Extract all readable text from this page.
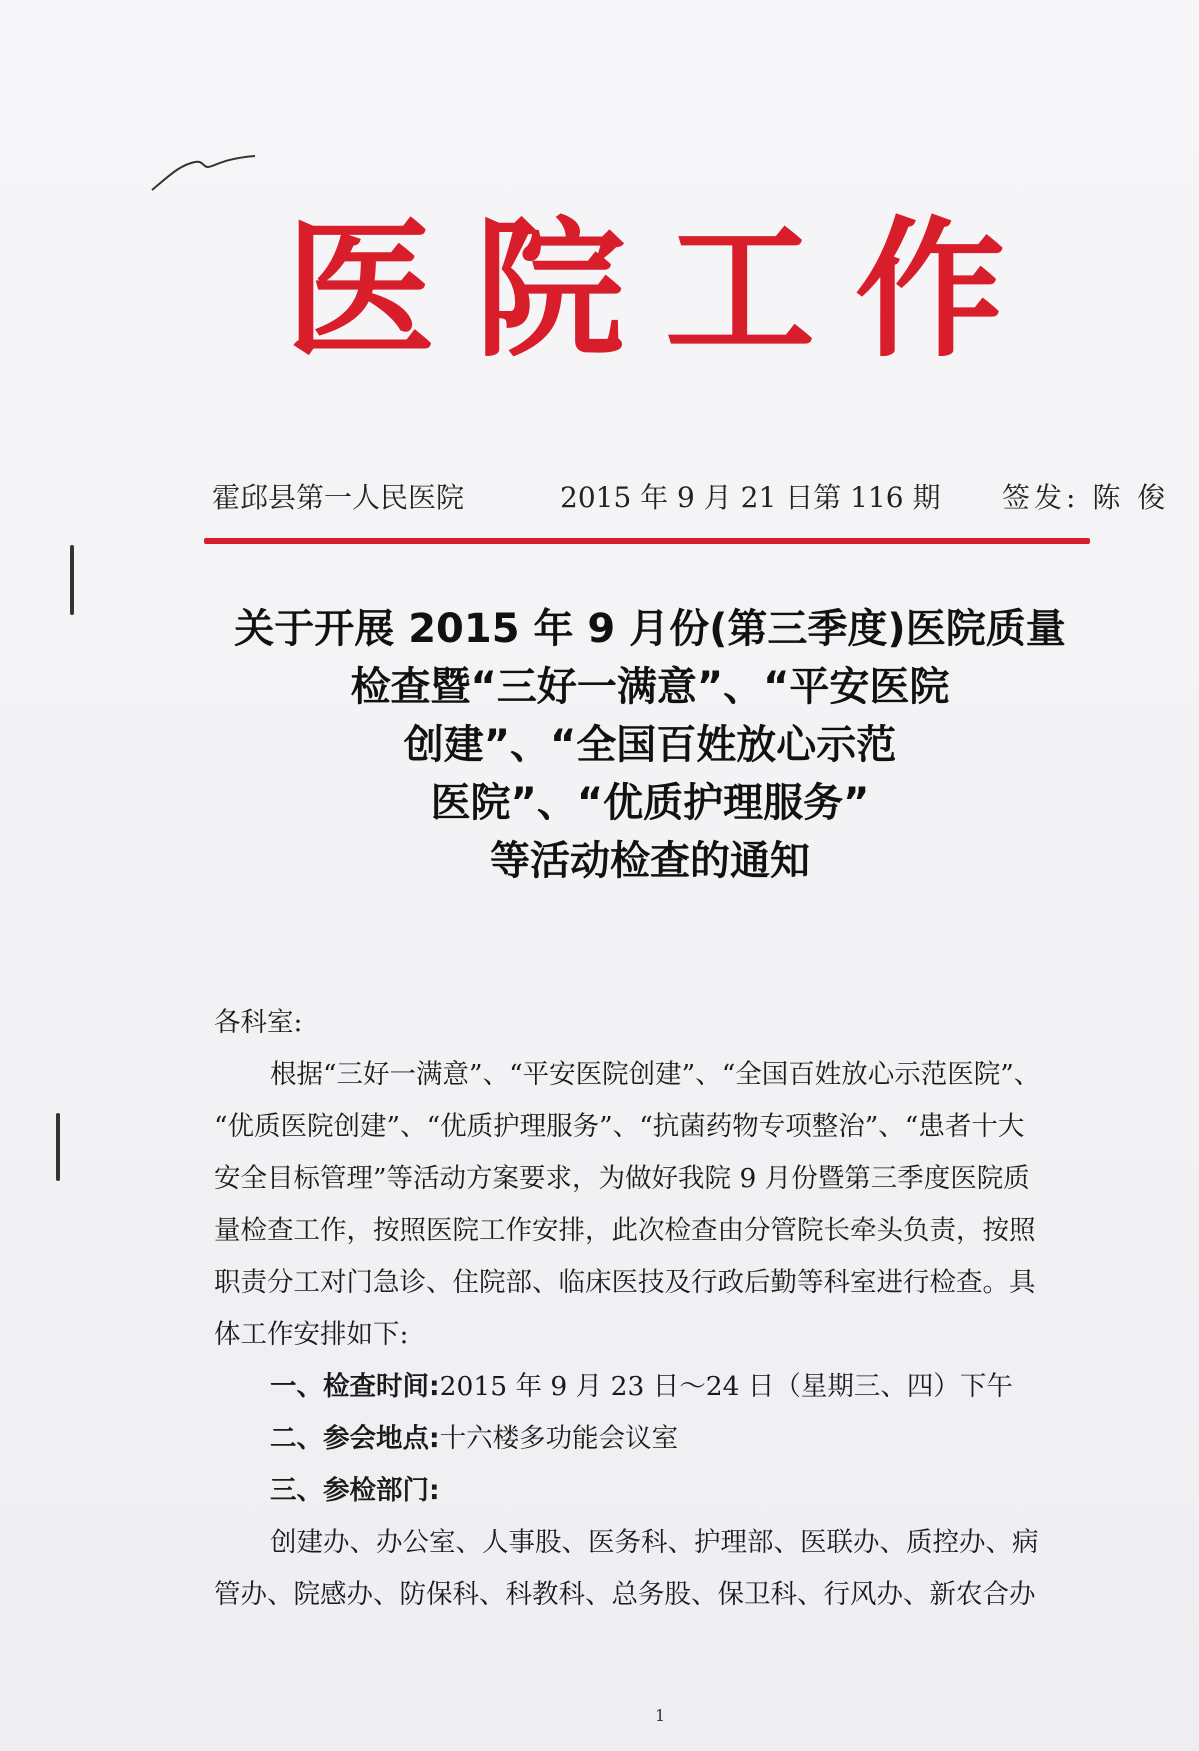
医院工作
霍邱县第一人民医院	2015 年 9 月 21 日第 116 期 签发: 陈 俊
关于开展 2015 年 9 月份(第三季度)医院质量
检查暨“三好一满意”、“平安医院
创建”、“全国百姓放心示范
医院”、“优质护理服务”
等活动检查的通知
各科室:
根据“三好一满意”、“平安医院创建”、“全国百姓放心示范医院”、
“优质医院创建”、“优质护理服务”、“抗菌药物专项整治”、“患者十大
安全目标管理”等活动方案要求，为做好我院 9 月份暨第三季度医院质
量检查工作，按照医院工作安排，此次检查由分管院长牵头负责，按照
职责分工对门急诊、住院部、临床医技及行政后勤等科室进行检查。具
体工作安排如下:
一、检查时间:2015 年 9 月 23 日～24 日（星期三、四）下午
二、参会地点:十六楼多功能会议室
三、参检部门:
创建办、办公室、人事股、医务科、护理部、医联办、质控办、病
管办、院感办、防保科、科教科、总务股、保卫科、行风办、新农合办
1
